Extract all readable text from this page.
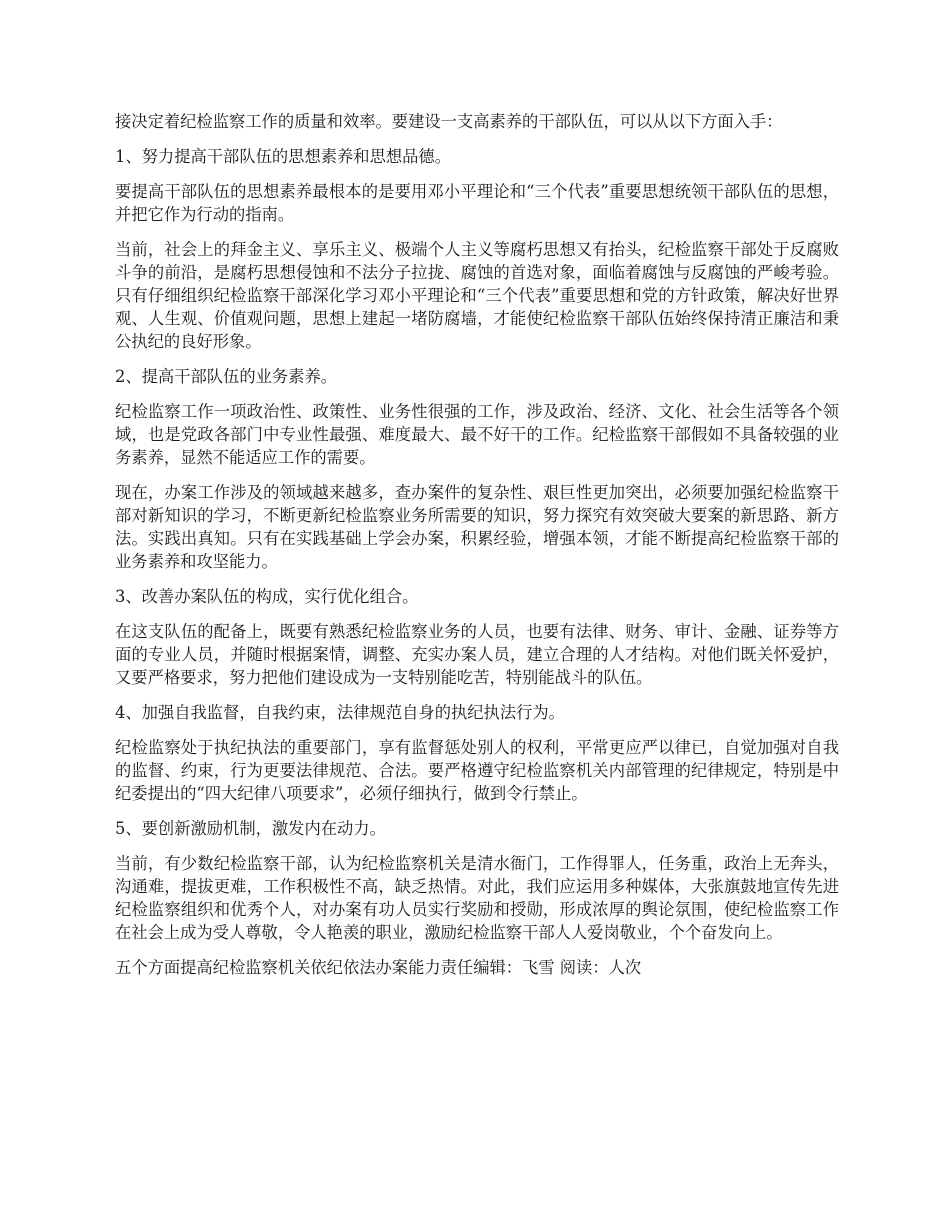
接决定着纪检监察工作的质量和效率。要建设一支高素养的干部队伍，可以从以下方面入手：

1、努力提高干部队伍的思想素养和思想品德。

要提高干部队伍的思想素养最根本的是要用邓小平理论和“三个代表”重要思想统领干部队伍的思想，并把它作为行动的指南。

当前，社会上的拜金主义、享乐主义、极端个人主义等腐朽思想又有抬头，纪检监察干部处于反腐败斗争的前沿，是腐朽思想侵蚀和不法分子拉拢、腐蚀的首选对象，面临着腐蚀与反腐蚀的严峻考验。只有仔细组织纪检监察干部深化学习邓小平理论和“三个代表”重要思想和党的方针政策，解决好世界观、人生观、价值观问题，思想上建起一堵防腐墙，才能使纪检监察干部队伍始终保持清正廉洁和秉公执纪的良好形象。

2、提高干部队伍的业务素养。

纪检监察工作一项政治性、政策性、业务性很强的工作，涉及政治、经济、文化、社会生活等各个领域，也是党政各部门中专业性最强、难度最大、最不好干的工作。纪检监察干部假如不具备较强的业务素养，显然不能适应工作的需要。

现在，办案工作涉及的领域越来越多，查办案件的复杂性、艰巨性更加突出，必须要加强纪检监察干部对新知识的学习，不断更新纪检监察业务所需要的知识，努力探究有效突破大要案的新思路、新方法。实践出真知。只有在实践基础上学会办案，积累经验，增强本领，才能不断提高纪检监察干部的业务素养和攻坚能力。

3、改善办案队伍的构成，实行优化组合。

在这支队伍的配备上，既要有熟悉纪检监察业务的人员，也要有法律、财务、审计、金融、证券等方面的专业人员，并随时根据案情，调整、充实办案人员，建立合理的人才结构。对他们既关怀爱护，又要严格要求，努力把他们建设成为一支特别能吃苦，特别能战斗的队伍。

4、加强自我监督，自我约束，法律规范自身的执纪执法行为。

纪检监察处于执纪执法的重要部门，享有监督惩处别人的权利，平常更应严以律已，自觉加强对自我的监督、约束，行为更要法律规范、合法。要严格遵守纪检监察机关内部管理的纪律规定，特别是中纪委提出的“四大纪律八项要求”，必须仔细执行，做到令行禁止。

5、要创新激励机制，激发内在动力。

当前，有少数纪检监察干部，认为纪检监察机关是清水衙门，工作得罪人，任务重，政治上无奔头，沟通难，提拔更难，工作积极性不高，缺乏热情。对此，我们应运用多种媒体，大张旗鼓地宣传先进纪检监察组织和优秀个人，对办案有功人员实行奖励和授勋，形成浓厚的舆论氛围，使纪检监察工作在社会上成为受人尊敬，令人艳羡的职业，激励纪检监察干部人人爱岗敬业，个个奋发向上。

五个方面提高纪检监察机关依纪依法办案能力责任编辑：飞雪 阅读：人次
